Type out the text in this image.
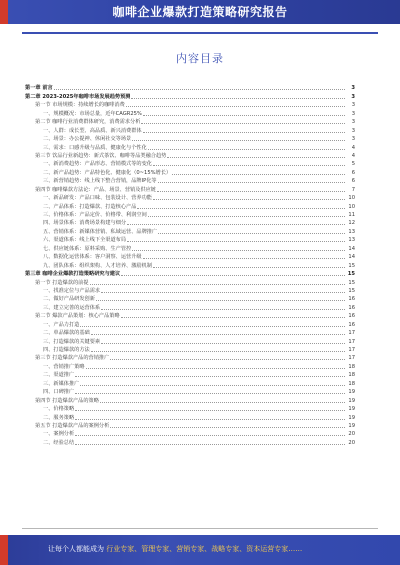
咖啡企业爆款打造策略研究报告
内容目录
第一章 前言	3
第二章 2023-2025年咖啡市场发展趋势预测	3
第一节 市场规模：持续增长的咖啡消费	3
一、规模概况：市场总量，近年CAGR25%	3
第二节 咖啡行业消费群体研究，消费需求分析	3
一、人群：成长型、高品质、新兴消费群体	3
二、场景：办公提神、休闲社交等场景	3
三、需求：口感升级与品质、健康化与个性化	4
第三节 饮品行业新趋势：新式茶饮、咖啡等品类融合趋势	4
一、新消费趋势：产品形态、营销模式等的变化	5
二、新产品趋势：产品特色化、健康化（0~15%增长）	6
三、新营销趋势：线上线下整合营销，品牌IP化等	6
第四节 咖啡爆款方法论：产品、场景、营销及供应链	7
一、新品研发：产品口味、包装设计、营养功能	10
二、产品体系：打造爆款、打造核心产品	10
三、价格体系：产品定价、价格带、利润空间	11
四、场景体系：消费场景构建与细分	12
五、营销体系：新媒体营销、私域运营、品牌推广	13
六、渠道体系：线上线下全渠道布局	13
七、供应链体系：原料采购、生产管控	14
八、数据化运营体系：客户洞察、运营升级	14
九、团队体系：组织架构、人才培养、激励机制	15
第三章 咖啡企业爆款打造策略研究与建议	15
第一节 打造爆款的前提	15
一、找准定位与产品需求	15
二、做好产品研发创新	16
三、建立完善的运营体系	16
第二节 爆款产品策划：核心产品策略	16
一、产品力打造	16
二、单品爆款的基础	17
三、打造爆款的关键要素	17
四、打造爆款的方法	17
第三节 打造爆款产品的营销推广	17
一、营销推广策略	18
二、渠道推广	18
三、新媒体推广	18
四、口碑推广	19
第四节 打造爆款产品的策略	19
一、价格策略	19
二、服务策略	19
第五节 打造爆款产品的案例分析	19
一、案例分析	20
二、经验总结	20
让每个人都能成为 行业专家、管理专家、营销专家、战略专家、资本运营专家……
